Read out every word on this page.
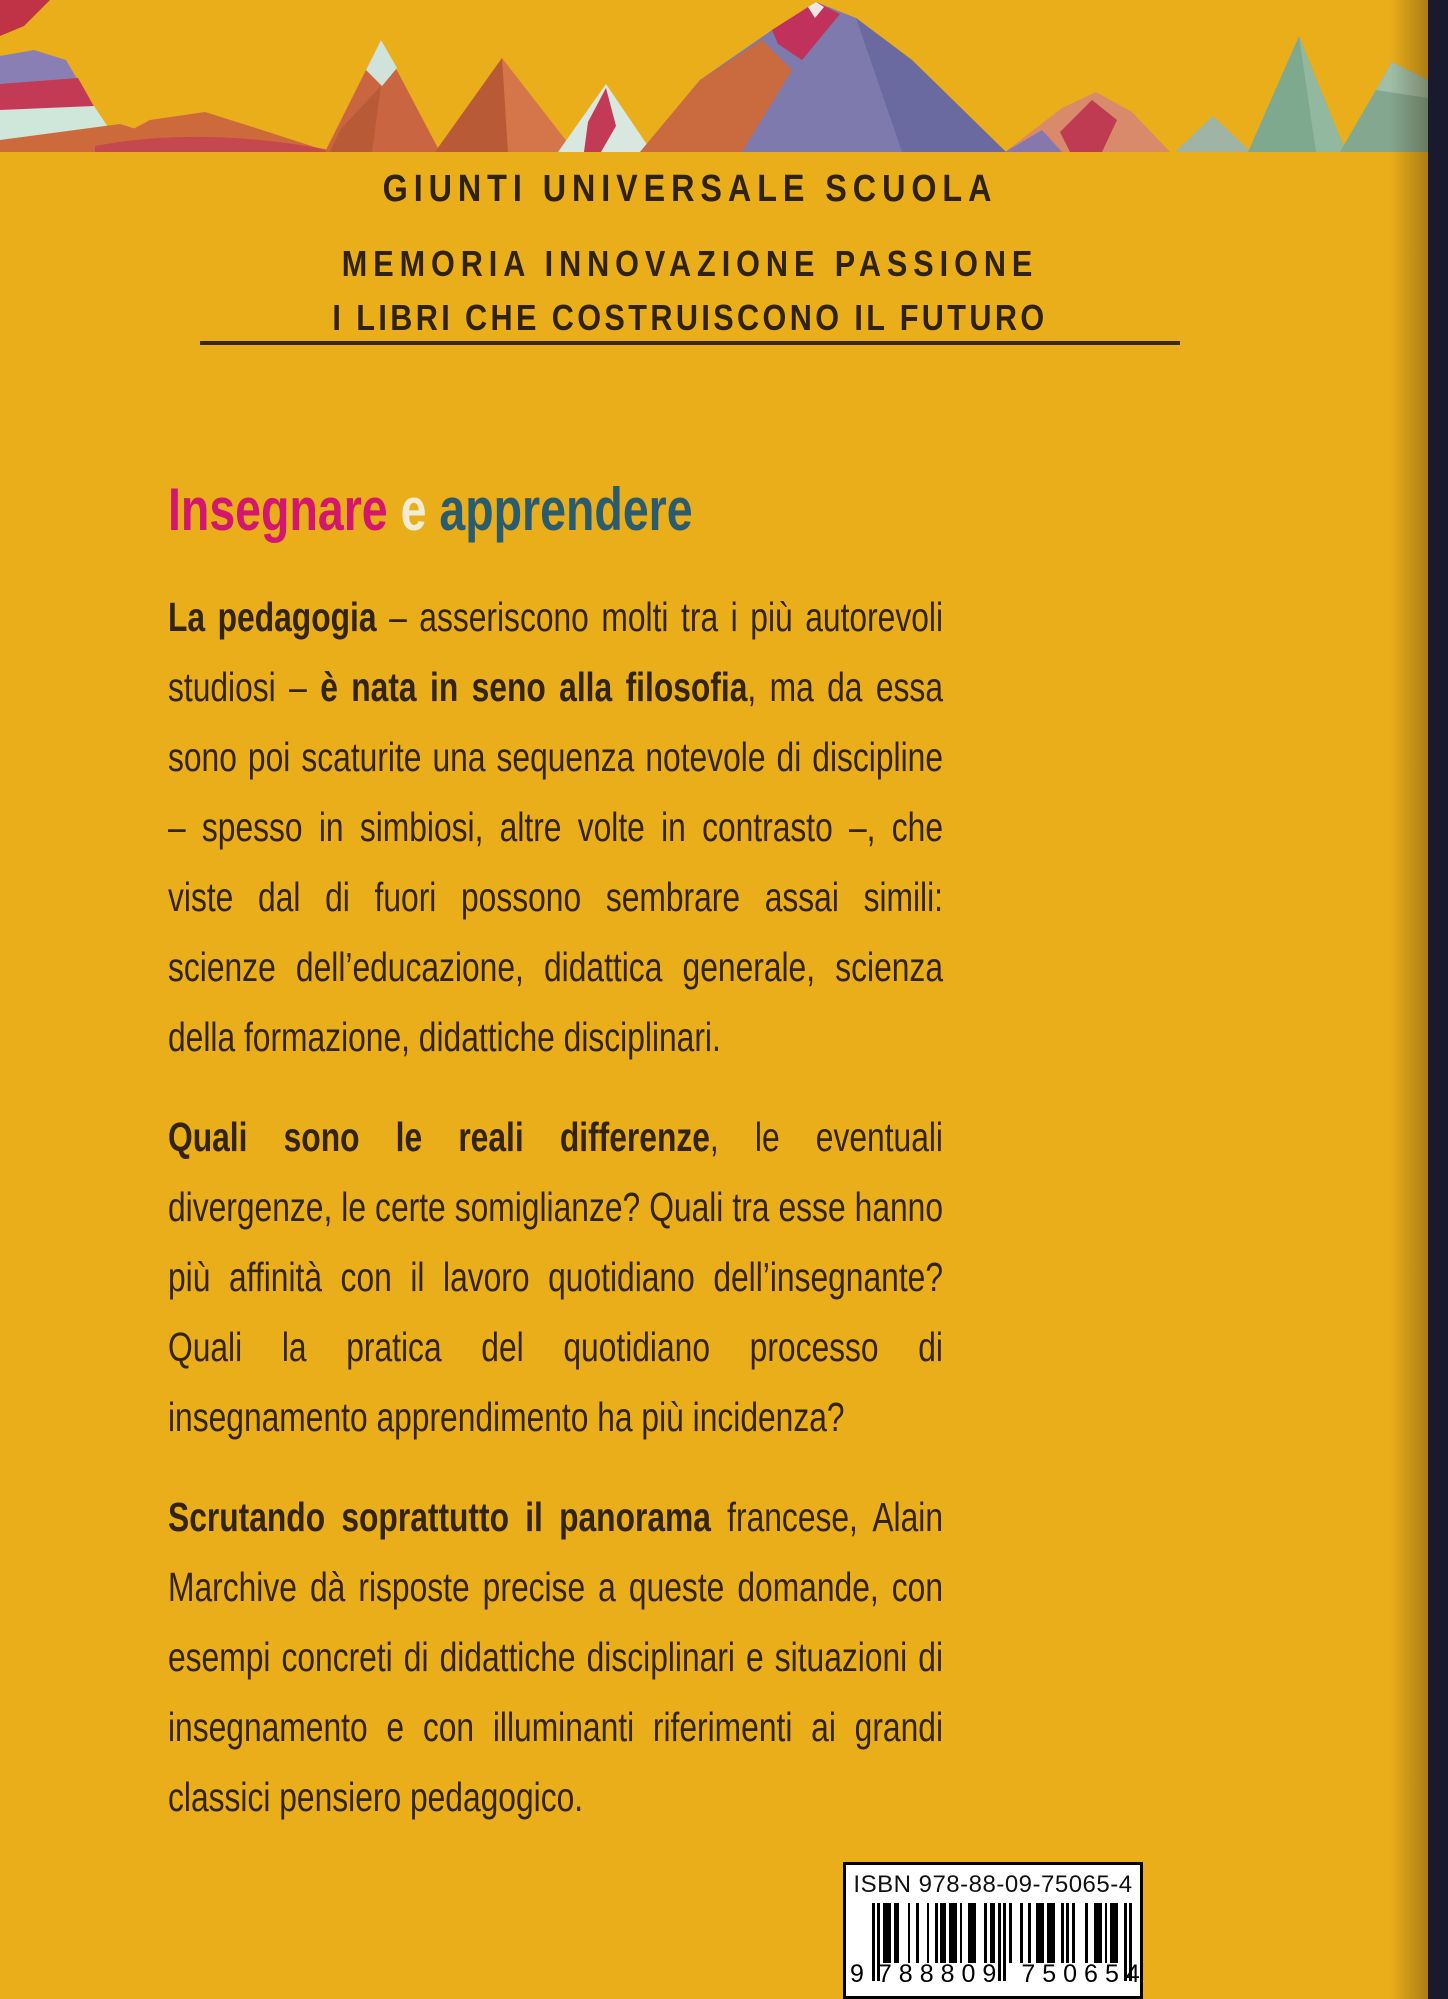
GIUNTI UNIVERSALE SCUOLA
MEMORIA INNOVAZIONE PASSIONE
I LIBRI CHE COSTRUISCONO IL FUTURO
Insegnare e apprendere

La pedagogia – asseriscono molti tra i più autorevoli studiosi – è nata in seno alla filosofia, ma da essa sono poi scaturite una sequenza notevole di discipline – spesso in simbiosi, altre volte in contrasto –, che viste dal di fuori possono sembrare assai simili: scienze dell’educazione, didattica generale, scienza della formazione, didattiche disciplinari.

Quali sono le reali differenze, le eventuali divergenze, le certe somiglianze? Quali tra esse hanno più affinità con il lavoro quotidiano dell’insegnante? Quali la pratica del quotidiano processo di insegnamento apprendimento ha più incidenza?

Scrutando soprattutto il panorama francese, Alain Marchive dà risposte precise a queste domande, con esempi concreti di didattiche disciplinari e situazioni di insegnamento e con illuminanti riferimenti ai grandi classici pensiero pedagogico.

ISBN 978-88-09-75065-4
9 788809 750654
